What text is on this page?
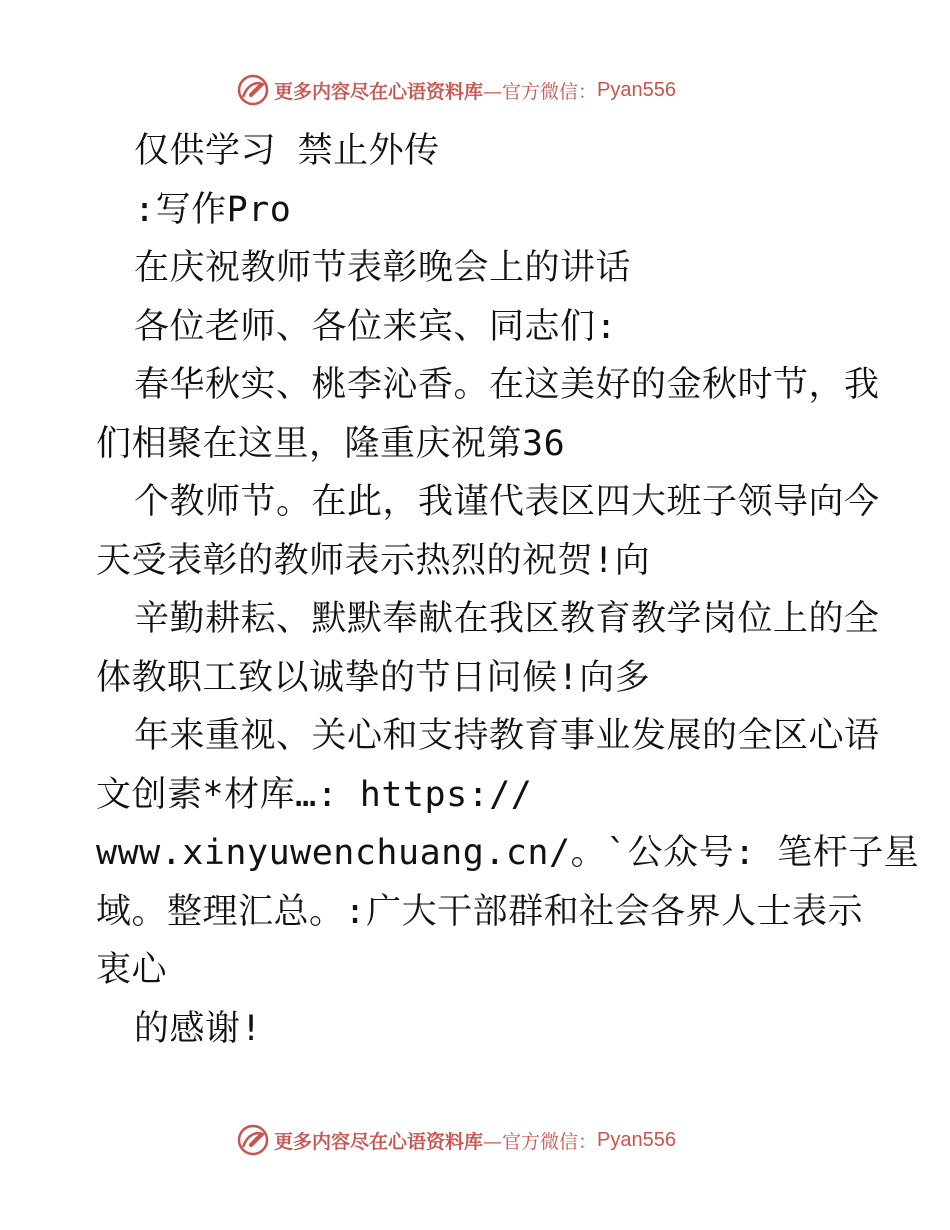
更多内容尽在心语资料库 —官方微信： Pyan556
仅供学习 禁止外传
:写作Pro
在庆祝教师节表彰晚会上的讲话
各位老师、各位来宾、同志们:
春华秋实、桃李沁香。在这美好的金秋时节，我
们相聚在这里，隆重庆祝第36
个教师节。在此，我谨代表区四大班子领导向今
天受表彰的教师表示热烈的祝贺!向
辛勤耕耘、默默奉献在我区教育教学岗位上的全
体教职工致以诚挚的节日问候!向多
年来重视、关心和支持教育事业发展的全区心语
文创素*材库…: https://
www.xinyuwenchuang.cn/。`公众号: 笔杆子星
域。整理汇总。:广大干部群和社会各界人士表示
衷心
的感谢!
更多内容尽在心语资料库 —官方微信： Pyan556
